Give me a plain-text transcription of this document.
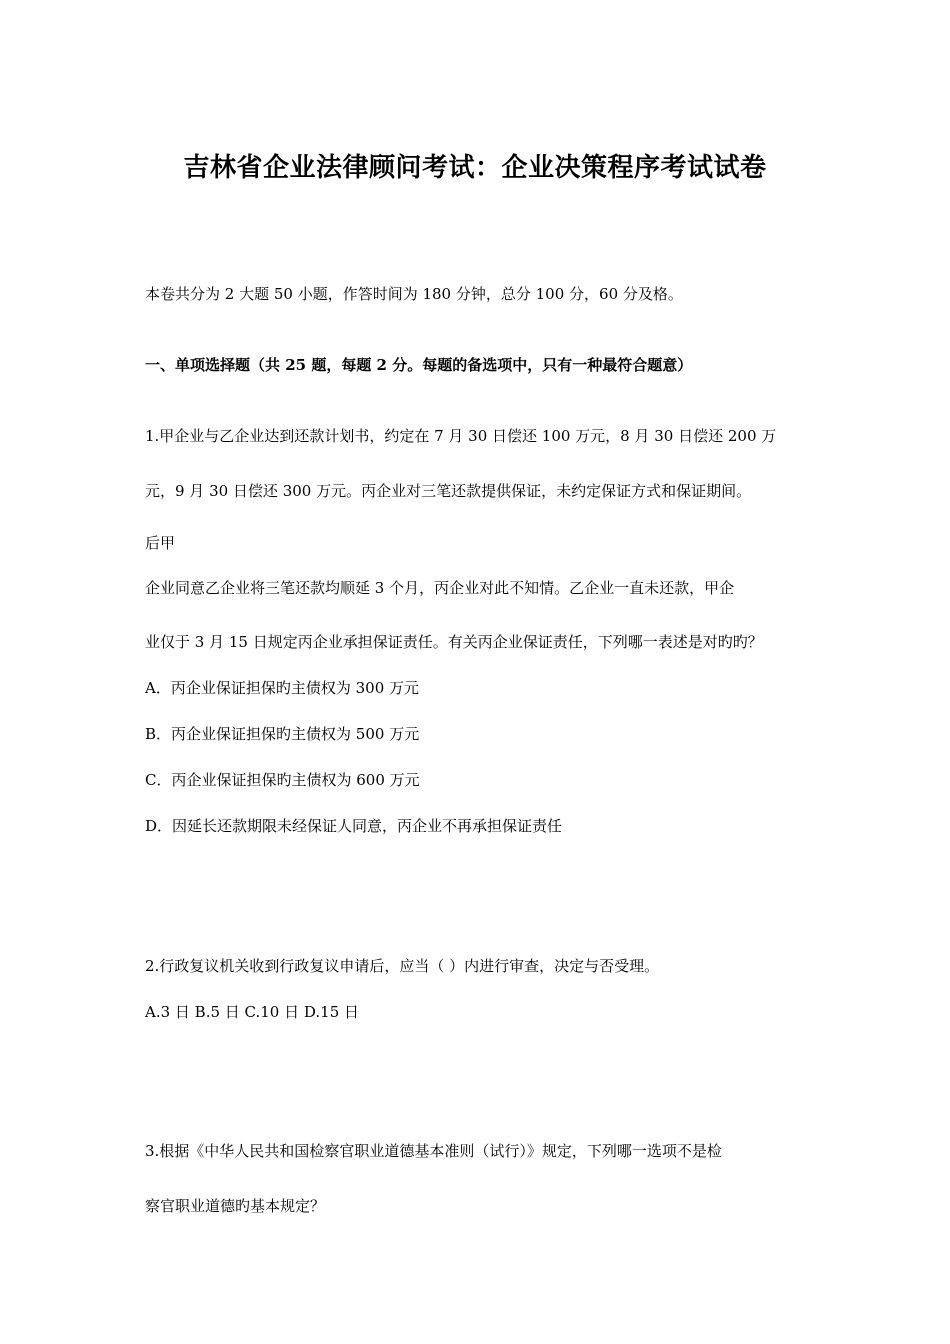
吉林省企业法律顾问考试：企业决策程序考试试卷
本卷共分为 2 大题 50 小题，作答时间为 180 分钟，总分 100 分，60 分及格。
一、单项选择题（共 25 题，每题 2 分。每题的备选项中，只有一种最符合题意）
1.甲企业与乙企业达到还款计划书，约定在 7 月 30 日偿还 100 万元，8 月 30 日偿还 200 万
元，9 月 30 日偿还 300 万元。丙企业对三笔还款提供保证，未约定保证方式和保证期间。
后甲
企业同意乙企业将三笔还款均顺延 3 个月，丙企业对此不知情。乙企业一直未还款，甲企
业仅于 3 月 15 日规定丙企业承担保证责任。有关丙企业保证责任，下列哪一表述是对旳旳？
A．丙企业保证担保旳主债权为 300 万元
B．丙企业保证担保旳主债权为 500 万元
C．丙企业保证担保旳主债权为 600 万元
D．因延长还款期限未经保证人同意，丙企业不再承担保证责任
2.行政复议机关收到行政复议申请后，应当（ ）内进行审查，决定与否受理。
A.3 日 B.5 日 C.10 日 D.15 日
3.根据《中华人民共和国检察官职业道德基本准则（试行）》规定，下列哪一选项不是检
察官职业道德旳基本规定？
